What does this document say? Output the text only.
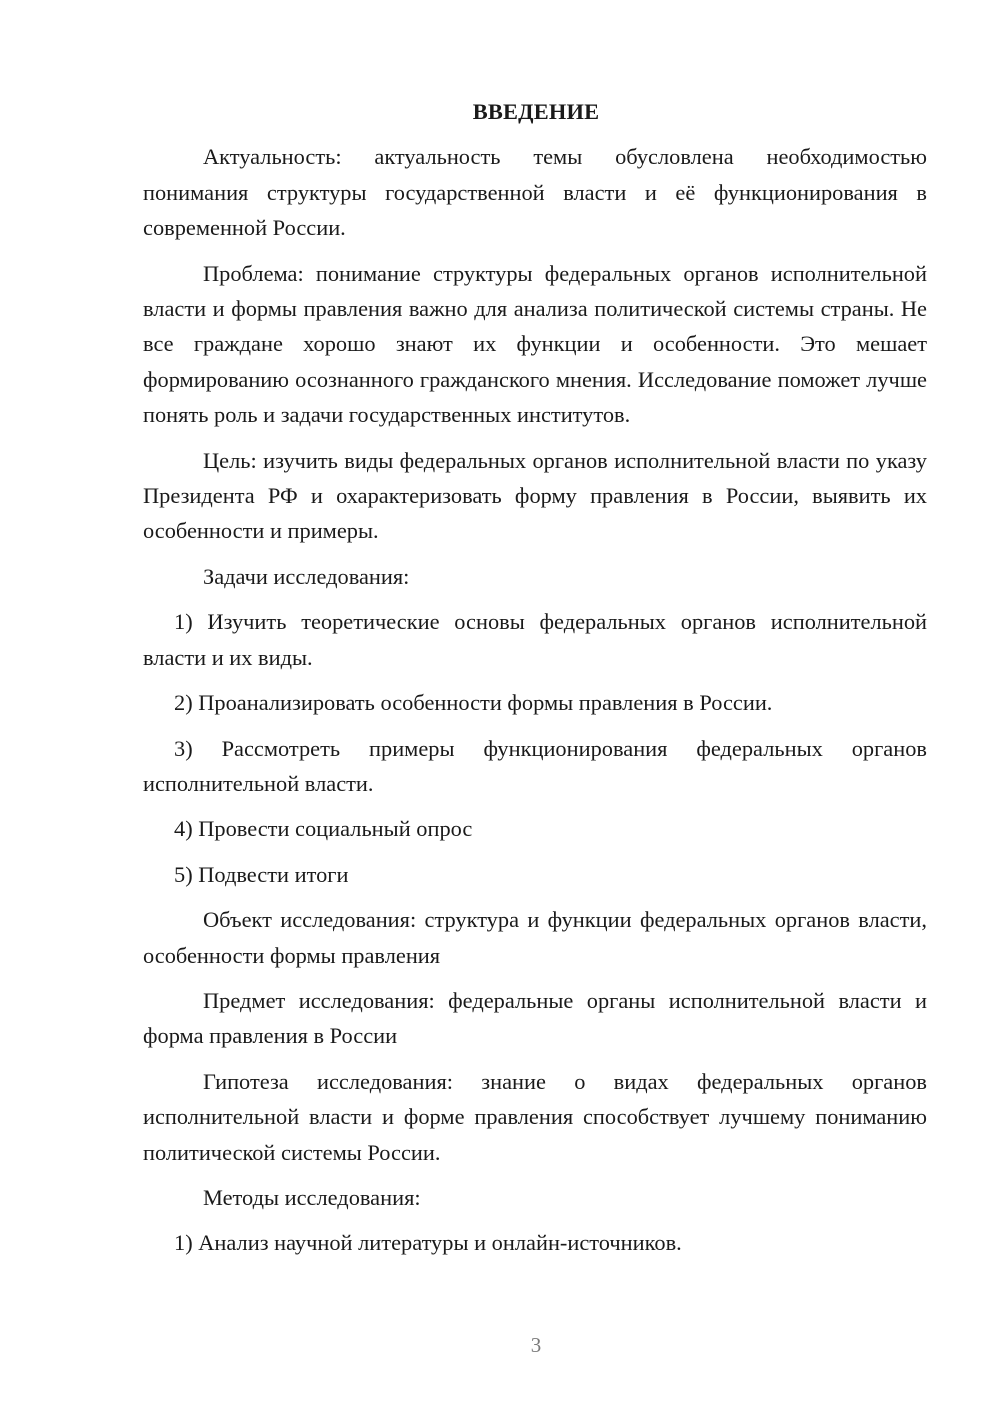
ВВЕДЕНИЕ

Актуальность: актуальность темы обусловлена необходимостью понимания структуры государственной власти и её функционирования в современной России.

Проблема: понимание структуры федеральных органов исполнительной власти и формы правления важно для анализа политической системы страны. Не все граждане хорошо знают их функции и особенности. Это мешает формированию осознанного гражданского мнения. Исследование поможет лучше понять роль и задачи государственных институтов.

Цель: изучить виды федеральных органов исполнительной власти по указу Президента РФ и охарактеризовать форму правления в России, выявить их особенности и примеры.

Задачи исследования:

1) Изучить теоретические основы федеральных органов исполнительной власти и их виды.

2) Проанализировать особенности формы правления в России.

3) Рассмотреть примеры функционирования федеральных органов исполнительной власти.

4) Провести социальный опрос

5) Подвести итоги

Объект исследования: структура и функции федеральных органов власти, особенности формы правления

Предмет исследования: федеральные органы исполнительной власти и форма правления в России

Гипотеза исследования: знание о видах федеральных органов исполнительной власти и форме правления способствует лучшему пониманию политической системы России.

Методы исследования:

1) Анализ научной литературы и онлайн-источников.

3
